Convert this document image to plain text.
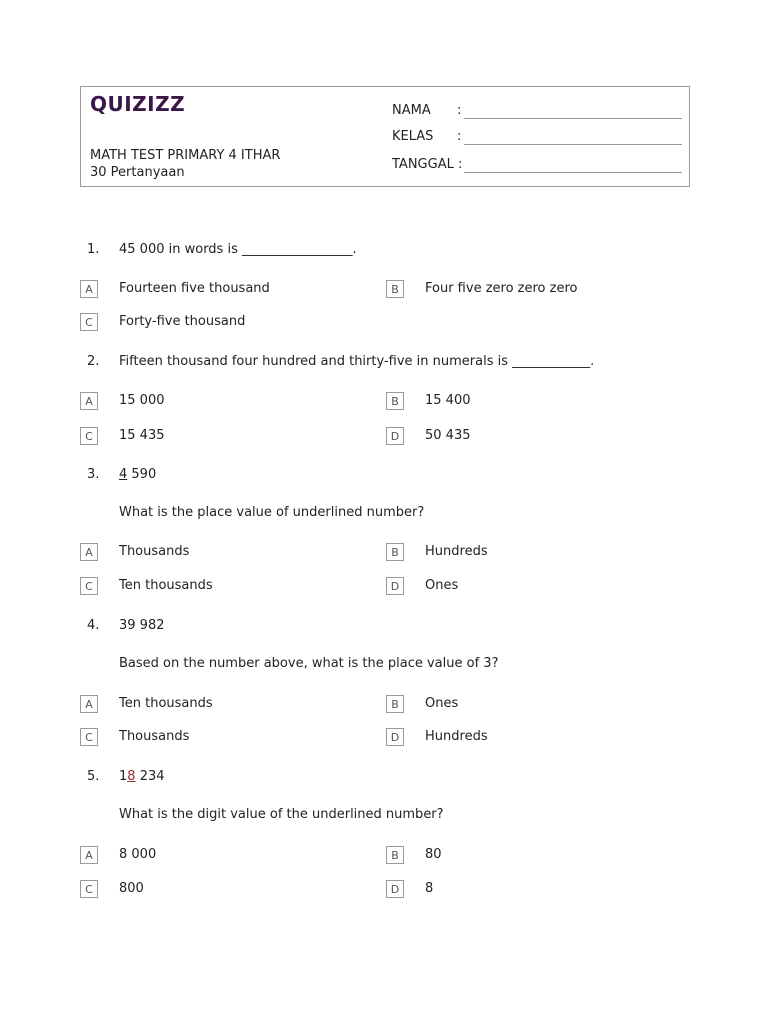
QUIZIZZ
MATH TEST PRIMARY 4 ITHAR
30 Pertanyaan
NAMA :
KELAS :
TANGGAL :
1. 45 000 in words is _________________.
A	Fourteen five thousand	B	Four five zero zero zero
C	Forty-five thousand
2. Fifteen thousand four hundred and thirty-five in numerals is ____________.
A	15 000	B	15 400
C	15 435	D	50 435
3. 4 590
What is the place value of underlined number?
A	Thousands	B	Hundreds
C	Ten thousands	D	Ones
4. 39 982
Based on the number above, what is the place value of 3?
A	Ten thousands	B	Ones
C	Thousands	D	Hundreds
5. 18 234
What is the digit value of the underlined number?
A	8 000	B	80
C	800	D	8
